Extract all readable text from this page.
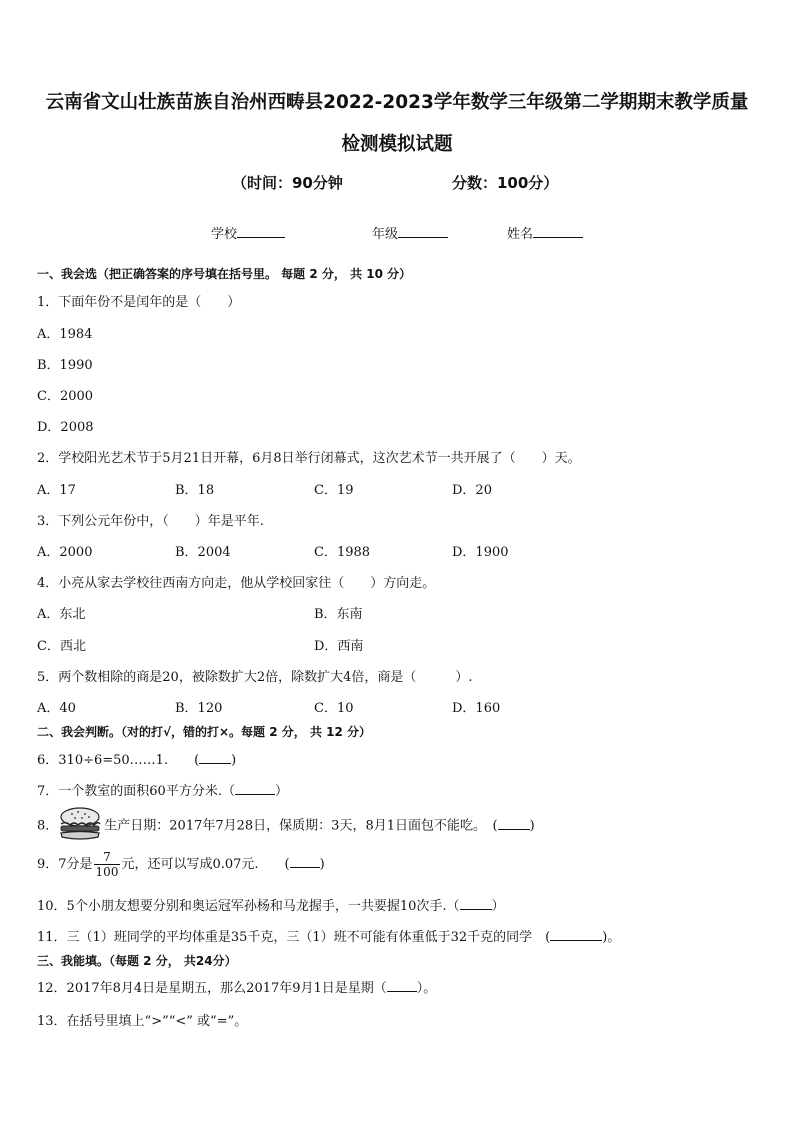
云南省文山壮族苗族自治州西畴县2022-2023学年数学三年级第二学期期末教学质量
检测模拟试题
（时间：90分钟	分数：100分）
学校	年级	姓名
一、我会选（把正确答案的序号填在括号里。 每题 2 分， 共 10 分）
1．下面年份不是闰年的是（　　）
A．1984
B．1990
C．2000
D．2008
2．学校阳光艺术节于5月21日开幕，6月8日举行闭幕式，这次艺术节一共开展了（　　）天。
A．17	B．18	C．19	D．20
3．下列公元年份中，（　　）年是平年.
A．2000	B．2004	C．1988	D．1900
4．小亮从家去学校往西南方向走，他从学校回家往（　　）方向走。
A．东北	B．东南
C．西北	D．西南
5．两个数相除的商是20，被除数扩大2倍，除数扩大4倍，商是（　　　）.
A．40	B．120	C．10	D．160
二、我会判断。（对的打√，错的打×。每题 2 分， 共 12 分）
6．310÷6=50……1.　　( )
7．一个教室的面积60平方分米.（	）
8．	生产日期：2017年7月28日，保质期：3天，8月1日面包不能吃。　( )
9．7分是 $\frac{7}{100}$ 元，还可以写成0.07元.　　( )
10．5个小朋友想要分别和奥运冠军孙杨和马龙握手，一共要握10次手.（ ）
11．三（1）班同学的平均体重是35千克，三（1）班不可能有体重低于32千克的同学　(	)。
三、我能填。（每题 2 分， 共24分）
12．2017年8月4日是星期五，那么2017年9月1日是星期（ ）。
13．在括号里填上“>”“<” 或“=”。
